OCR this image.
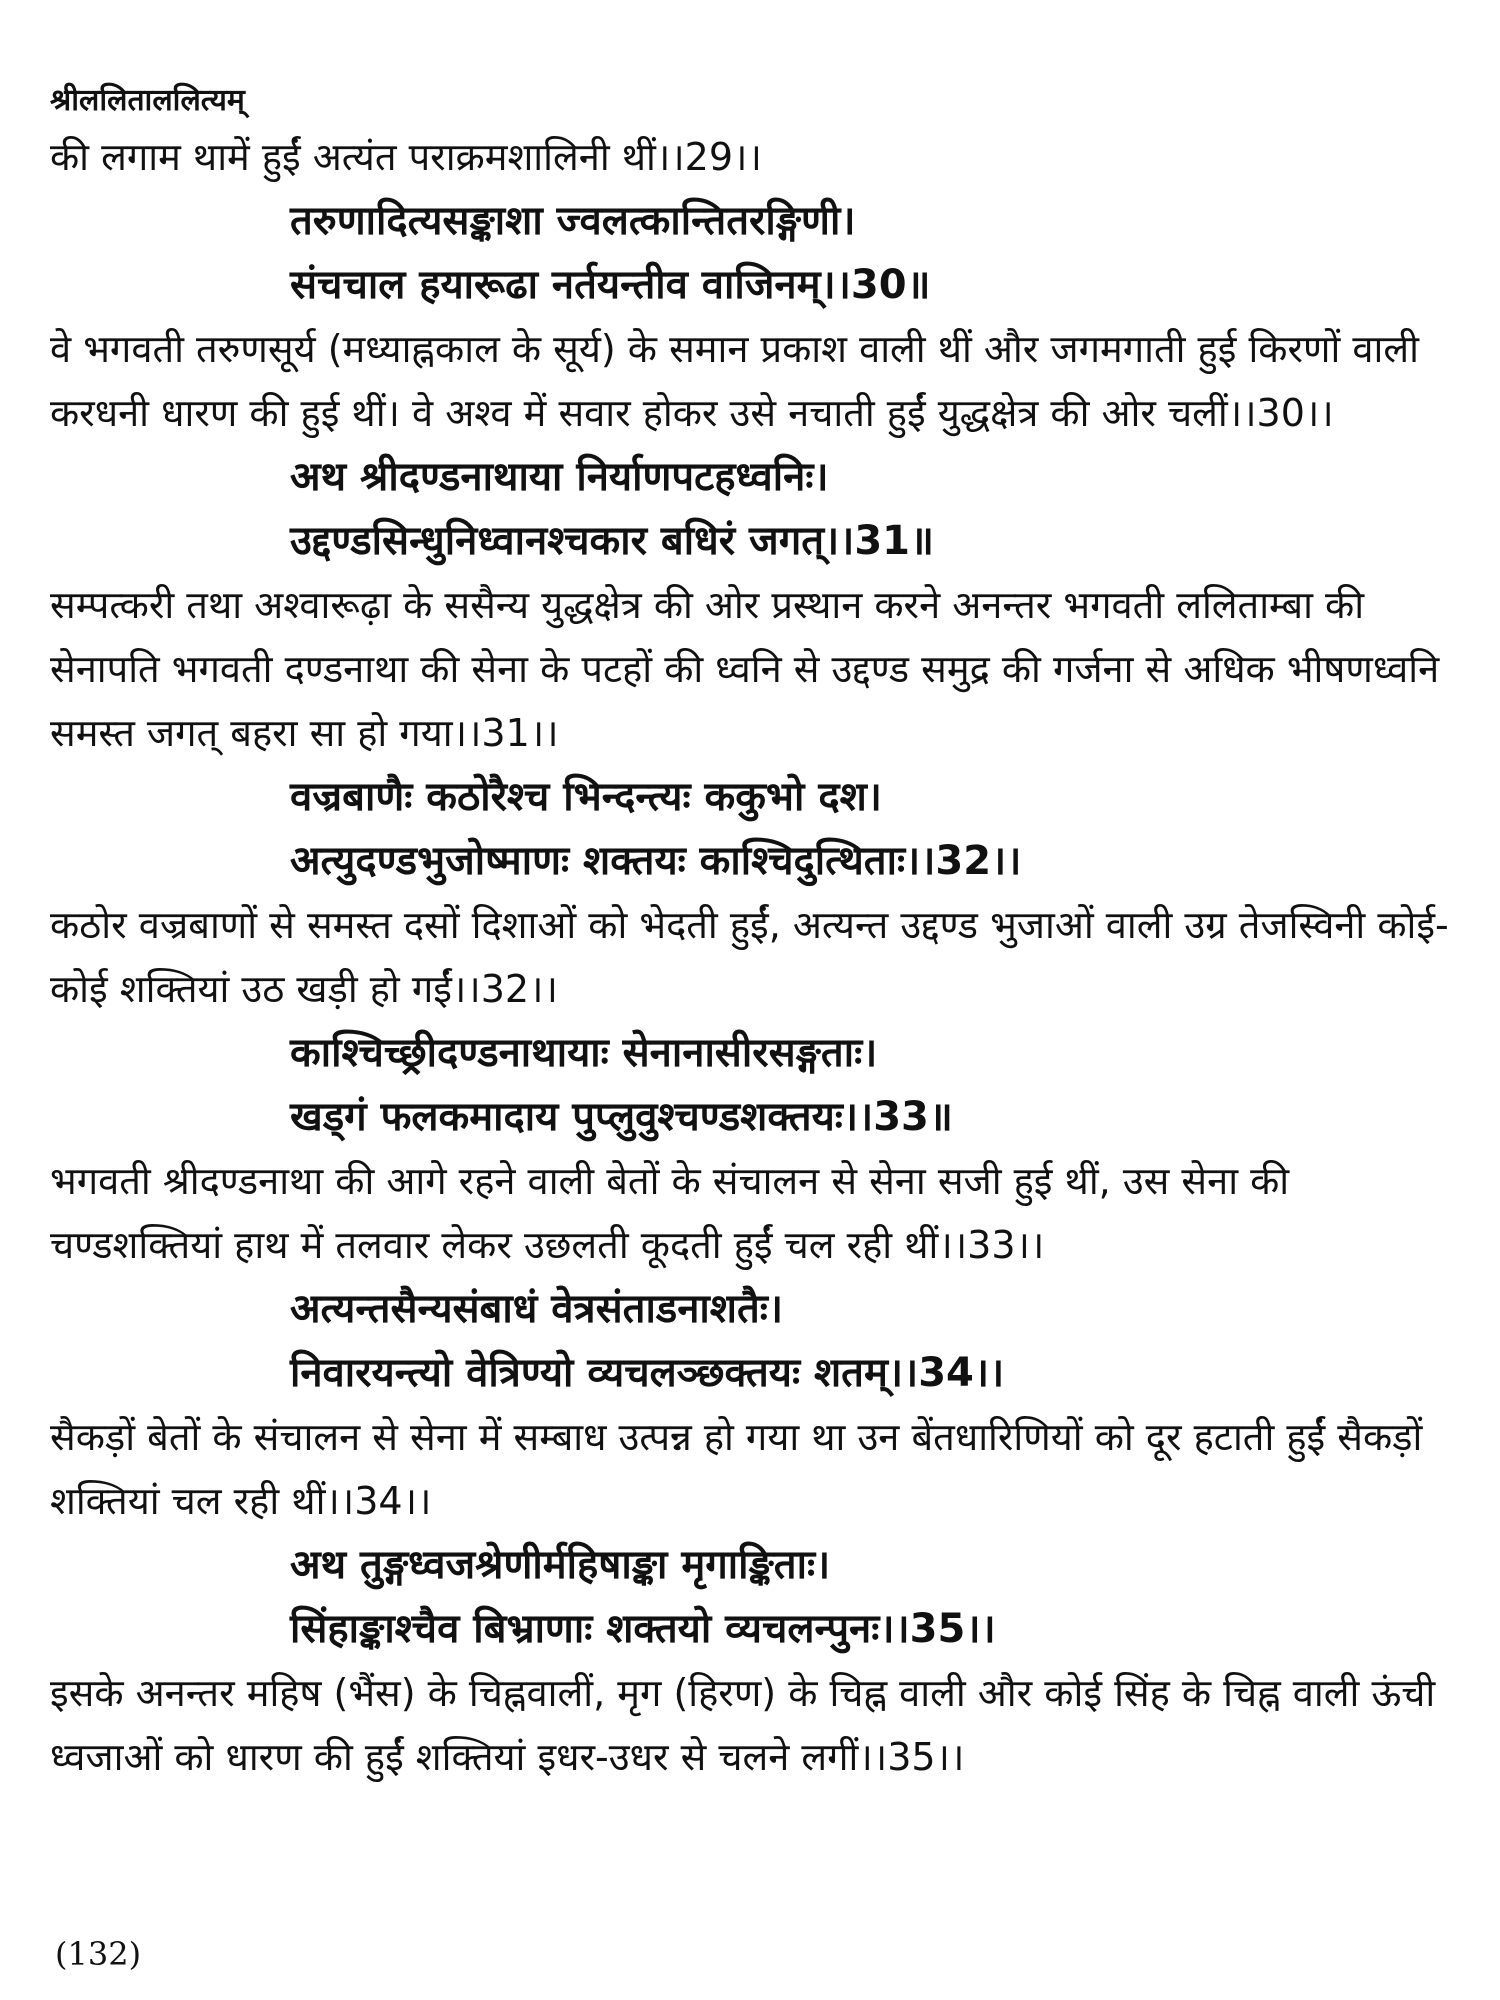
श्रीललिताललित्यम्

की लगाम थामें हुईं अत्यंत पराक्रमशालिनी थीं।।29।।

तरुणादित्यसङ्काशा ज्वलत्कान्तितरङ्गिणी।

संचचाल हयारूढा नर्तयन्तीव वाजिनम्।।30॥

वे भगवती तरुणसूर्य (मध्याह्नकाल के सूर्य) के समान प्रकाश वाली थीं और जगमगाती हुई किरणों वाली करधनी धारण की हुई थीं। वे अश्व में सवार होकर उसे नचाती हुईं युद्धक्षेत्र की ओर चलीं।।30।।

अथ श्रीदण्डनाथाया निर्याणपटहध्वनिः।

उद्दण्डसिन्धुनिध्वानश्चकार बधिरं जगत्।।31॥

सम्पत्करी तथा अश्वारूढ़ा के ससैन्य युद्धक्षेत्र की ओर प्रस्थान करने अनन्तर भगवती ललिताम्बा की सेनापति भगवती दण्डनाथा की सेना के पटहों की ध्वनि से उद्दण्ड समुद्र की गर्जना से अधिक भीषणध्वनि समस्त जगत् बहरा सा हो गया।।31।।

वज्रबाणैः कठोरैश्च भिन्दन्त्यः ककुभो दश।

अत्युदण्डभुजोष्माणः शक्तयः काश्चिदुत्थिताः।।32।।

कठोर वज्रबाणों से समस्त दसों दिशाओं को भेदती हुईं, अत्यन्त उद्दण्ड भुजाओं वाली उग्र तेजस्विनी कोई-कोई शक्तियां उठ खड़ी हो गईं।।32।।

काश्चिच्छ्रीदण्डनाथायाः सेनानासीरसङ्गताः।

खड्गं फलकमादाय पुप्लुवुश्चण्डशक्तयः।।33॥

भगवती श्रीदण्डनाथा की आगे रहने वाली बेतों के संचालन से सेना सजी हुई थीं, उस सेना की चण्डशक्तियां हाथ में तलवार लेकर उछलती कूदती हुईं चल रही थीं।।33।।

अत्यन्तसैन्यसंबाधं वेत्रसंताडनाशतैः।

निवारयन्त्यो वेत्रिण्यो व्यचलञ्छक्तयः शतम्।।34।।

सैकड़ों बेतों के संचालन से सेना में सम्बाध उत्पन्न हो गया था उन बेंतधारिणियों को दूर हटाती हुईं सैकड़ों शक्तियां चल रही थीं।।34।।

अथ तुङ्गध्वजश्रेणीर्महिषाङ्का मृगाङ्किताः।

सिंहाङ्काश्चैव बिभ्राणाः शक्तयो व्यचलन्पुनः।।35।।

इसके अनन्तर महिष (भैंस) के चिह्नवालीं, मृग (हिरण) के चिह्न वाली और कोई सिंह के चिह्न वाली ऊंची ध्वजाओं को धारण की हुईं शक्तियां इधर-उधर से चलने लगीं।।35।।

(132)
